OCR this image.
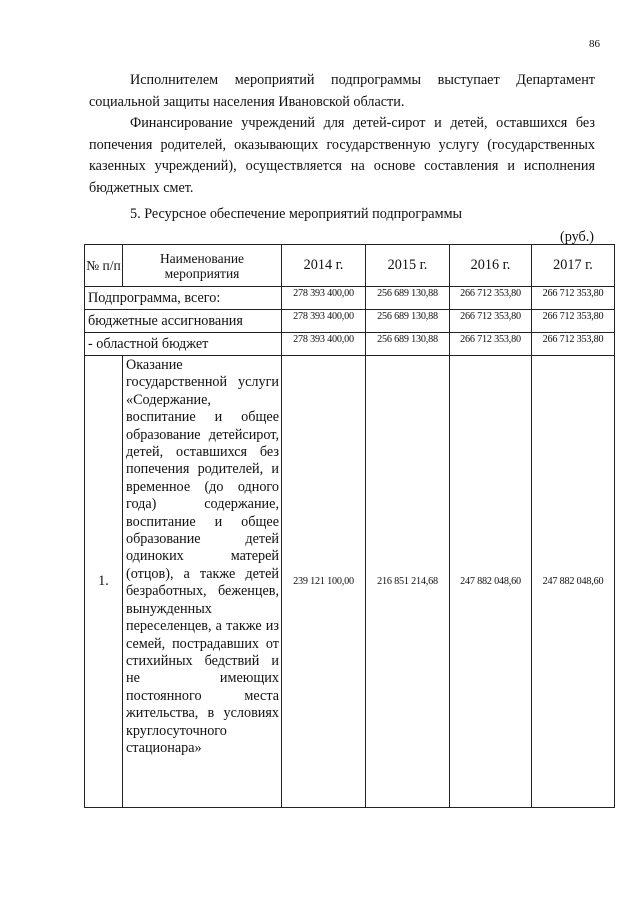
86

Исполнителем мероприятий подпрограммы выступает Департамент социальной защиты населения Ивановской области.

Финансирование учреждений для детей-сирот и детей, оставшихся без попечения родителей, оказывающих государственную услугу (государственных казенных учреждений), осуществляется на основе составления и исполнения бюджетных смет.

5. Ресурсное обеспечение мероприятий подпрограммы
(руб.)
№ п/п	Наименование мероприятия	2014 г.	2015 г.	2016 г.	2017 г.
Подпрограмма, всего:		278 393 400,00	256 689 130,88	266 712 353,80	266 712 353,80
бюджетные ассигнования		278 393 400,00	256 689 130,88	266 712 353,80	266 712 353,80
- областной бюджет		278 393 400,00	256 689 130,88	266 712 353,80	266 712 353,80
1.	Оказание государственной услуги «Содержание, воспитание и общее образование детейсирот, детей, оставшихся без попечения родителей, и временное (до одного года) содержание, воспитание и общее образование детей одиноких матерей (отцов), а также детей безработных, беженцев, вынужденных переселенцев, а также из семей, пострадавших от стихийных бедствий и не имеющих постоянного места жительства, в условиях круглосуточного стационара»	239 121 100,00	216 851 214,68	247 882 048,60	247 882 048,60
